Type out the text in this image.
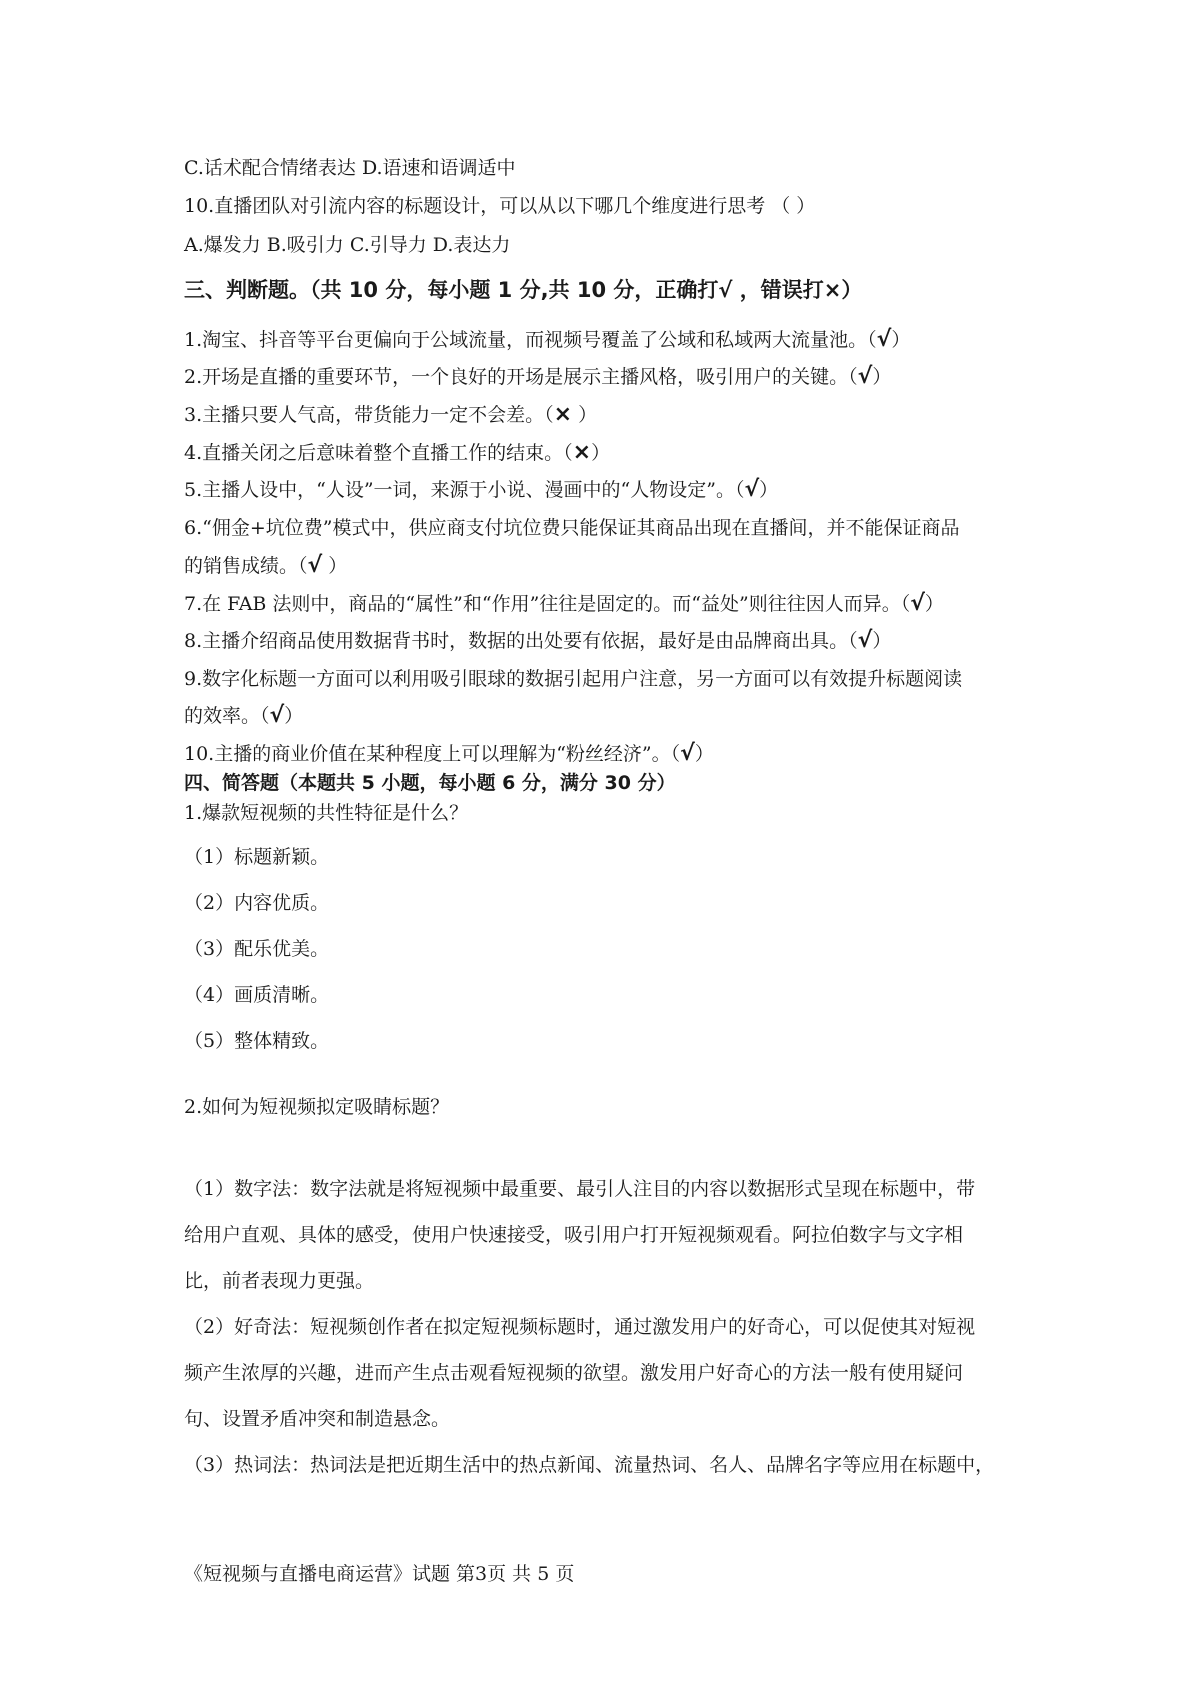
C.话术配合情绪表达 D.语速和语调适中
10.直播团队对引流内容的标题设计，可以从以下哪几个维度进行思考 （ ）
A.爆发力 B.吸引力 C.引导力 D.表达力
三、判断题。（共 10 分，每小题 1 分,共 10 分，正确打√ ，错误打×）
1.淘宝、抖音等平台更偏向于公域流量，而视频号覆盖了公域和私域两大流量池。（√）
2.开场是直播的重要环节，一个良好的开场是展示主播风格，吸引用户的关键。（√）
3.主播只要人气高，带货能力一定不会差。（× ）
4.直播关闭之后意味着整个直播工作的结束。（×）
5.主播人设中，“人设”一词，来源于小说、漫画中的“人物设定”。（√）
6.“佣金+坑位费”模式中，供应商支付坑位费只能保证其商品出现在直播间，并不能保证商品
的销售成绩。（√ ）
7.在 FAB 法则中，商品的“属性”和“作用”往往是固定的。而“益处”则往往因人而异。（√）
8.主播介绍商品使用数据背书时，数据的出处要有依据，最好是由品牌商出具。（√）
9.数字化标题一方面可以利用吸引眼球的数据引起用户注意，另一方面可以有效提升标题阅读
的效率。（√）
10.主播的商业价值在某种程度上可以理解为“粉丝经济”。（√）
四、简答题（本题共 5 小题，每小题 6 分，满分 30 分）
1.爆款短视频的共性特征是什么？
（1）标题新颖。
（2）内容优质。
（3）配乐优美。
（4）画质清晰。
（5）整体精致。
2.如何为短视频拟定吸睛标题？
（1）数字法：数字法就是将短视频中最重要、最引人注目的内容以数据形式呈现在标题中，带
给用户直观、具体的感受，使用户快速接受，吸引用户打开短视频观看。阿拉伯数字与文字相
比，前者表现力更强。
（2）好奇法：短视频创作者在拟定短视频标题时，通过激发用户的好奇心，可以促使其对短视
频产生浓厚的兴趣，进而产生点击观看短视频的欲望。激发用户好奇心的方法一般有使用疑问
句、设置矛盾冲突和制造悬念。
（3）热词法：热词法是把近期生活中的热点新闻、流量热词、名人、品牌名字等应用在标题中，
《短视频与直播电商运营》试题 第3页 共 5 页
